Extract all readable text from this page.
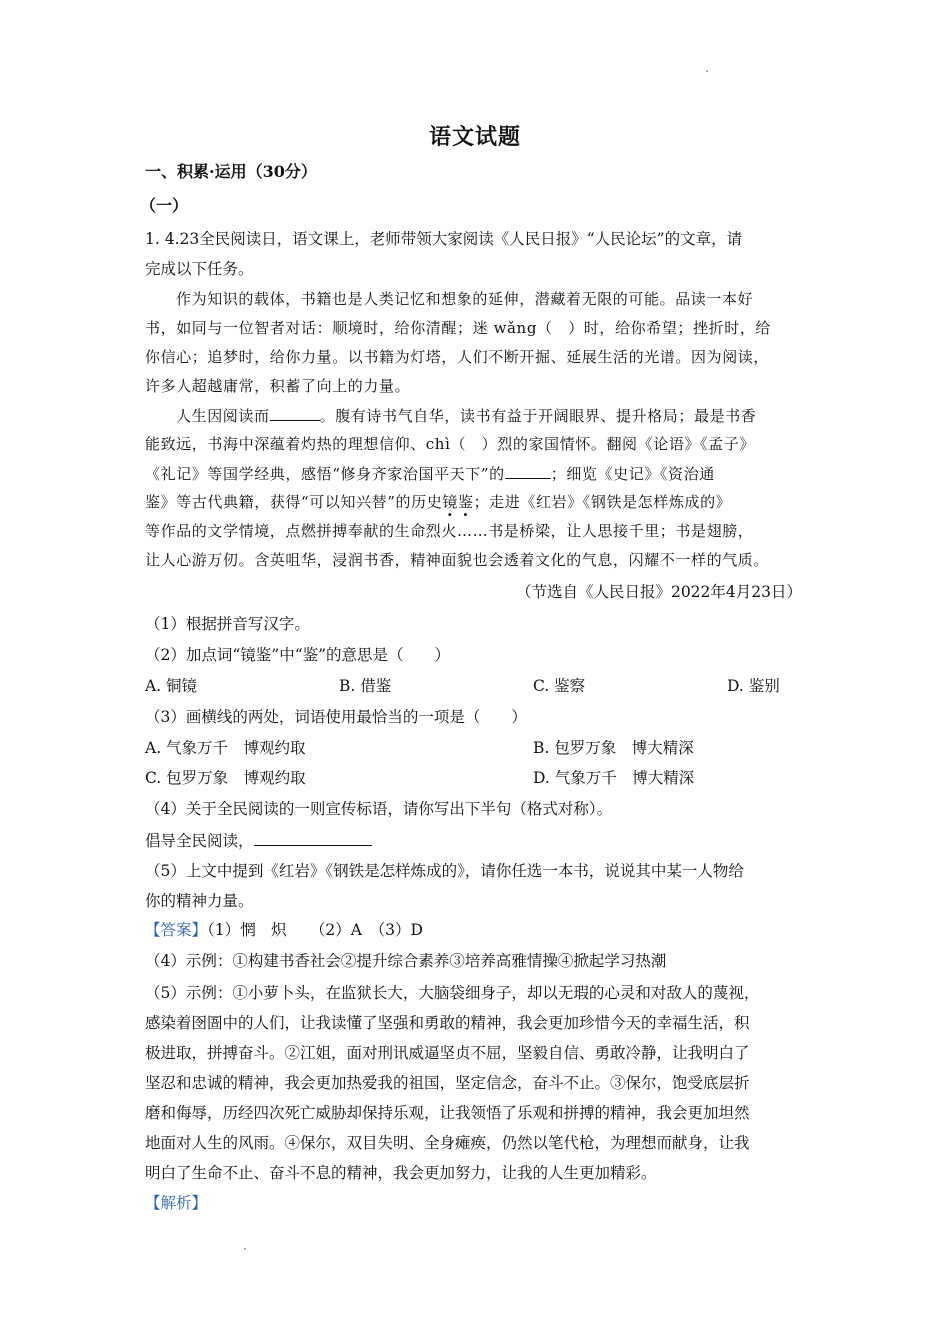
语文试题
一、积累·运用（30分）
（一）
1. 4.23全民阅读日，语文课上，老师带领大家阅读《人民日报》“人民论坛”的文章，请
完成以下任务。
作为知识的载体，书籍也是人类记忆和想象的延伸，潜藏着无限的可能。品读一本好
书，如同与一位智者对话：顺境时，给你清醒；迷 wǎng（　）时，给你希望；挫折时，给
你信心；追梦时，给你力量。以书籍为灯塔，人们不断开掘、延展生活的光谱。因为阅读，
许多人超越庸常，积蓄了向上的力量。
人生因阅读而	。腹有诗书气自华，读书有益于开阔眼界、提升格局；最是书香
能致远，书海中深蕴着灼热的理想信仰、chì（　）烈的家国情怀。翻阅《论语》《孟子》
《礼记》等国学经典，感悟“修身齐家治国平天下”的	；细览《史记》《资治通
鉴》等古代典籍，获得“可以知兴替”的历史镜鉴；走进《红岩》《钢铁是怎样炼成的》
等作品的文学情境，点燃拼搏奉献的生命烈火……书是桥梁，让人思接千里；书是翅膀，
让人心游万仞。含英咀华，浸润书香，精神面貌也会透着文化的气息，闪耀不一样的气质。
（节选自《人民日报》2022年4月23日）
（1）根据拼音写汉字。
（2）加点词“镜鉴”中“鉴”的意思是（　　）
A. 铜镜	B. 借鉴	C. 鉴察	D. 鉴别
（3）画横线的两处，词语使用最恰当的一项是（　　）
A. 气象万千　博观约取	B. 包罗万象　博大精深
C. 包罗万象　博观约取	D. 气象万千　博大精深
（4）关于全民阅读的一则宣传标语，请你写出下半句（格式对称）。
倡导全民阅读，
（5）上文中提到《红岩》《钢铁是怎样炼成的》，请你任选一本书，说说其中某一人物给
你的精神力量。
【答案】（1）惘　炽　　（2）A　（3）D
（4）示例：①构建书香社会②提升综合素养③培养高雅情操④掀起学习热潮
（5）示例：①小萝卜头，在监狱长大，大脑袋细身子，却以无瑕的心灵和对敌人的蔑视，
感染着囹圄中的人们，让我读懂了坚强和勇敢的精神，我会更加珍惜今天的幸福生活，积
极进取，拼搏奋斗。②江姐，面对刑讯威逼坚贞不屈，坚毅自信、勇敢冷静，让我明白了
坚忍和忠诚的精神，我会更加热爱我的祖国，坚定信念，奋斗不止。③保尔，饱受底层折
磨和侮辱，历经四次死亡威胁却保持乐观，让我领悟了乐观和拼搏的精神，我会更加坦然
地面对人生的风雨。④保尔，双目失明、全身瘫痪，仍然以笔代枪，为理想而献身，让我
明白了生命不止、奋斗不息的精神，我会更加努力，让我的人生更加精彩。
【解析】
